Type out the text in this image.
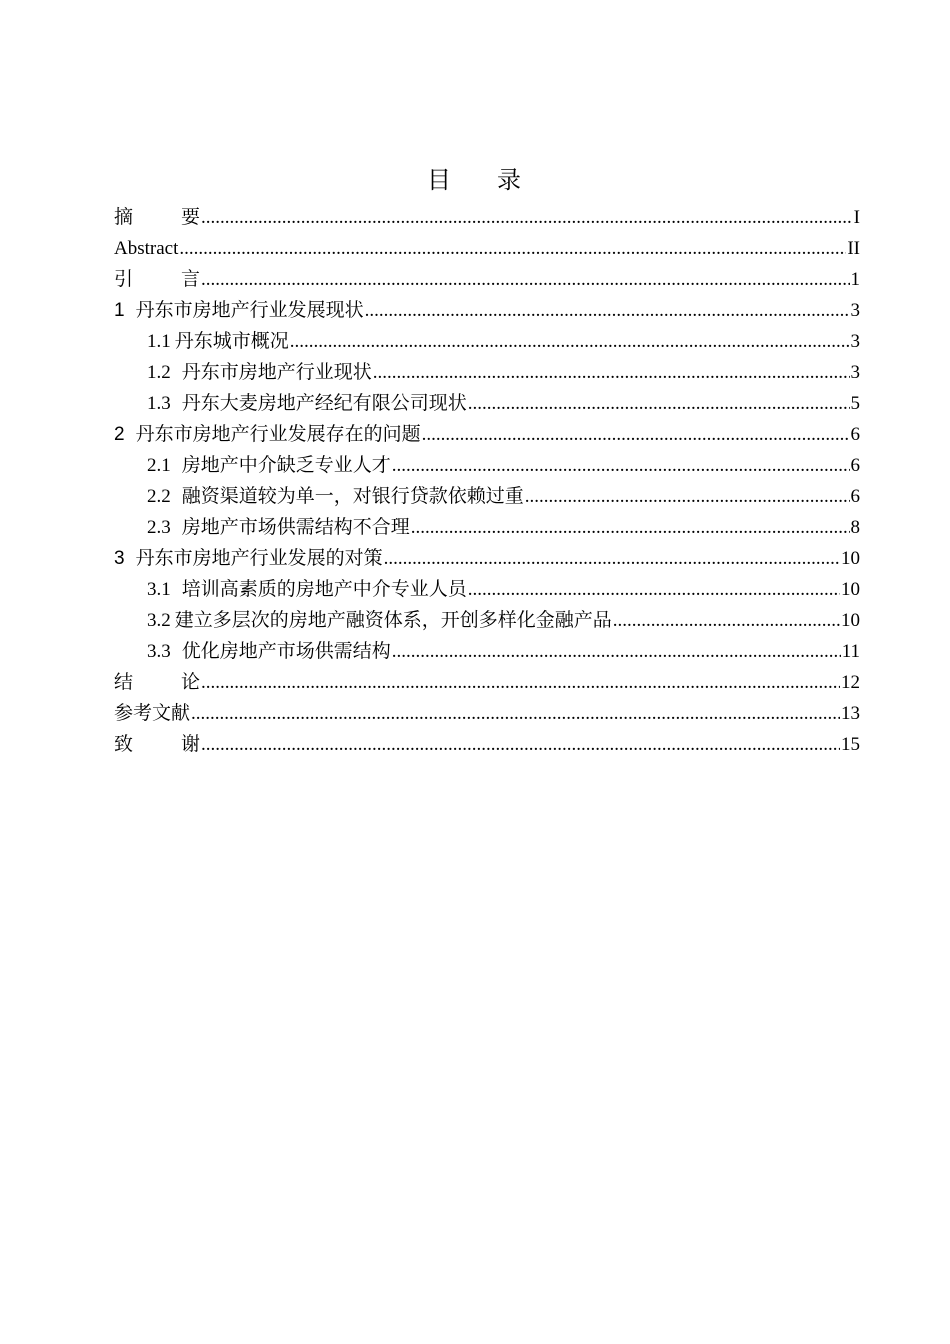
目 录
摘	要 .....	I
Abstract .....	II
引	言 .....	1
1 丹东市房地产行业发展现状 .....	3
1.1 丹东城市概况 .....	3
1.2 丹东市房地产行业现状 .....	3
1.3 丹东大麦房地产经纪有限公司现状 .....	5
2 丹东市房地产行业发展存在的问题 .....	6
2.1 房地产中介缺乏专业人才 .....	6
2.2 融资渠道较为单一，对银行贷款依赖过重 .....	6
2.3 房地产市场供需结构不合理 .....	8
3 丹东市房地产行业发展的对策 .....	10
3.1 培训高素质的房地产中介专业人员 .....	10
3.2 建立多层次的房地产融资体系，开创多样化金融产品 .....	10
3.3 优化房地产市场供需结构 .....	11
结	论 .....	12
参考文献 .....	13
致	谢 .....	15
